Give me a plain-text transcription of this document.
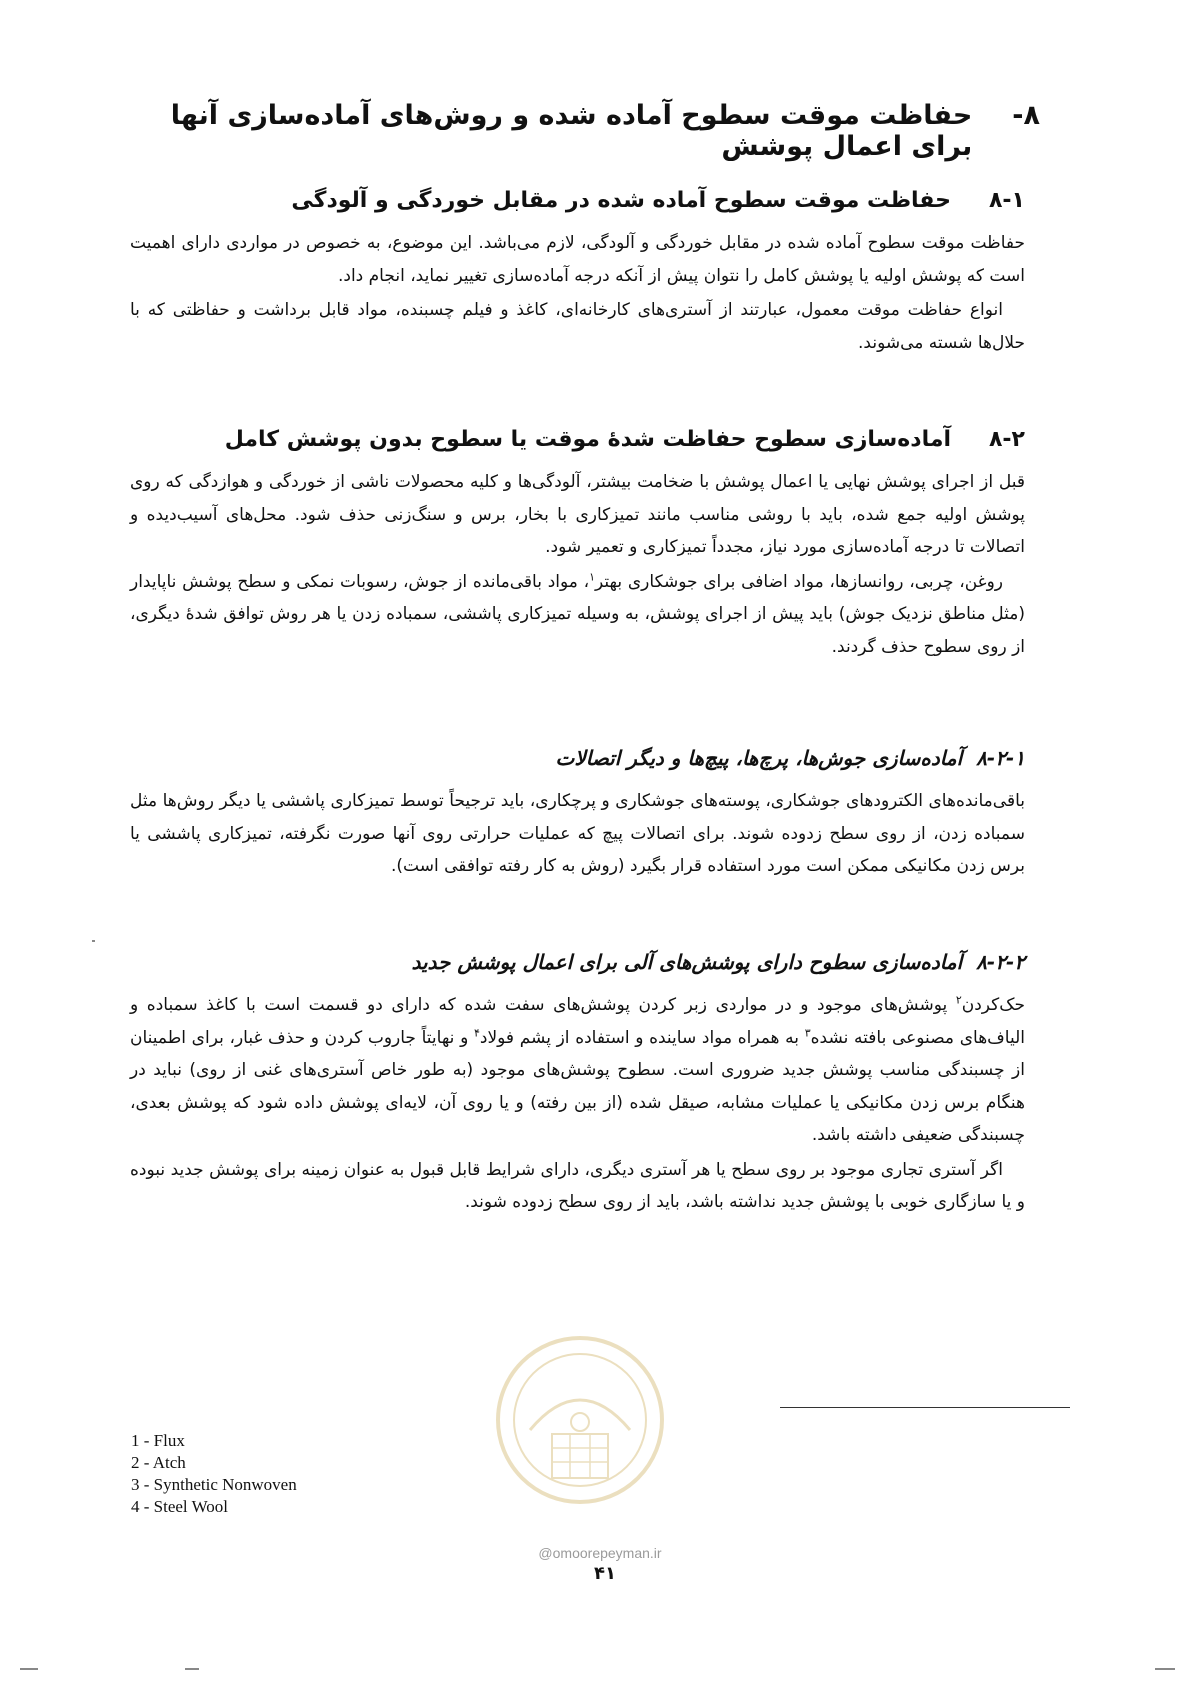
۸-
حفاظت موقت سطوح آماده شده و روش‌های آماده‌سازی آنها برای اعمال پوشش
۸-۱
حفاظت موقت سطوح آماده شده در مقابل خوردگی و آلودگی

حفاظت موقت سطوح آماده شده در مقابل خوردگی و آلودگی، لازم می‌باشد. این موضوع، به خصوص در مواردی دارای اهمیت است که پوشش اولیه یا پوشش کامل را نتوان پیش از آنکه درجه آماده‌سازی تغییر نماید، انجام داد.

انواع حفاظت موقت معمول، عبارتند از آستری‌های کارخانه‌ای، کاغذ و فیلم چسبنده، مواد قابل برداشت و حفاظتی که با حلال‌ها شسته می‌شوند.

۸-۲
آماده‌سازی سطوح حفاظت شدۀ موقت یا سطوح بدون پوشش کامل

قبل از اجرای پوشش نهایی یا اعمال پوشش با ضخامت بیشتر، آلودگی‌ها و کلیه محصولات ناشی از خوردگی و هوازدگی که روی پوشش اولیه جمع شده، باید با روشی مناسب مانند تمیزکاری با بخار، برس و سنگ‌زنی حذف شود. محل‌های آسیب‌دیده و اتصالات تا درجه آماده‌سازی مورد نیاز، مجدداً تمیزکاری و تعمیر شود.

روغن، چربی، روانسازها، مواد اضافی برای جوشکاری بهتر$^۱$، مواد باقی‌مانده از جوش، رسوبات نمکی و سطح پوشش ناپایدار (مثل مناطق نزدیک جوش) باید پیش از اجرای پوشش، به وسیله تمیزکاری پاششی، سمباده زدن یا هر روش توافق شدۀ دیگری، از روی سطوح حذف گردند.

۸-۲-۱
آماده‌سازی جوش‌ها، پرچ‌ها، پیچ‌ها و دیگر اتصالات

باقی‌مانده‌های الکترودهای جوشکاری، پوسته‌های جوشکاری و پرچکاری، باید ترجیحاً توسط تمیزکاری پاششی یا دیگر روش‌ها مثل سمباده زدن، از روی سطح زدوده شوند. برای اتصالات پیچ که عملیات حرارتی روی آنها صورت نگرفته، تمیزکاری پاششی یا برس زدن مکانیکی ممکن است مورد استفاده قرار بگیرد (روش به کار رفته توافقی است).

۸-۲-۲
آماده‌سازی سطوح دارای پوشش‌های آلی برای اعمال پوشش جدید

حک‌کردن$^۲$ پوشش‌های موجود و در مواردی زبر کردن پوشش‌های سفت شده که دارای دو قسمت است با کاغذ سمباده و الیاف‌های مصنوعی بافته نشده$^۳$ به همراه مواد ساینده و استفاده از پشم فولاد$^۴$ و نهایتاً جاروب کردن و حذف غبار، برای اطمینان از چسبندگی مناسب پوشش جدید ضروری است. سطوح پوشش‌های موجود (به طور خاص آستری‌های غنی از روی) نباید در هنگام برس زدن مکانیکی یا عملیات مشابه، صیقل شده (از بین رفته) و یا روی آن، لایه‌ای پوشش داده شود که پوشش بعدی، چسبندگی ضعیفی داشته باشد.

اگر آستری تجاری موجود بر روی سطح یا هر آستری دیگری، دارای شرایط قابل قبول به عنوان زمینه برای پوشش جدید نبوده و یا سازگاری خوبی با پوشش جدید نداشته باشد، باید از روی سطح زدوده شوند.

1 - Flux
2 - Atch
3 - Synthetic Nonwoven
4 - Steel Wool
@omoorepeyman.ir
۴۱
